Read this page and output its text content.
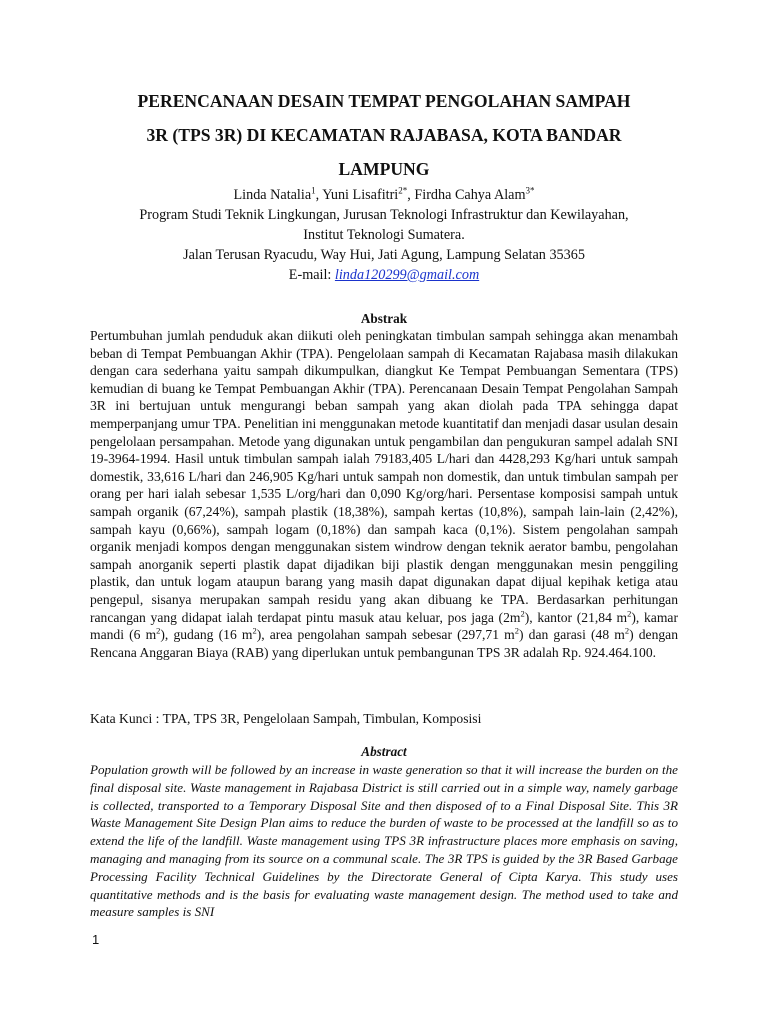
PERENCANAAN DESAIN TEMPAT PENGOLAHAN SAMPAH
3R (TPS 3R) DI KECAMATAN RAJABASA, KOTA BANDAR
LAMPUNG
Linda Natalia$^1$, Yuni Lisafitri$^{2*}$, Firdha Cahya Alam$^{3*}$
Program Studi Teknik Lingkungan, Jurusan Teknologi Infrastruktur dan Kewilayahan,
Institut Teknologi Sumatera.
Jalan Terusan Ryacudu, Way Hui, Jati Agung, Lampung Selatan 35365
E-mail: linda120299@gmail.com
Abstrak

Pertumbuhan jumlah penduduk akan diikuti oleh peningkatan timbulan sampah sehingga akan menambah beban di Tempat Pembuangan Akhir (TPA). Pengelolaan sampah di Kecamatan Rajabasa masih dilakukan dengan cara sederhana yaitu sampah dikumpulkan, diangkut Ke Tempat Pembuangan Sementara (TPS) kemudian di buang ke Tempat Pembuangan Akhir (TPA). Perencanaan Desain Tempat Pengolahan Sampah 3R ini bertujuan untuk mengurangi beban sampah yang akan diolah pada TPA sehingga dapat memperpanjang umur TPA. Penelitian ini menggunakan metode kuantitatif dan menjadi dasar usulan desain pengelolaan persampahan. Metode yang digunakan untuk pengambilan dan pengukuran sampel adalah SNI 19-3964-1994. Hasil untuk timbulan sampah ialah 79183,405 L/hari dan 4428,293 Kg/hari untuk sampah domestik, 33,616 L/hari dan 246,905 Kg/hari untuk sampah non domestik, dan untuk timbulan sampah per orang per hari ialah sebesar 1,535 L/org/hari dan 0,090 Kg/org/hari. Persentase komposisi sampah untuk sampah organik (67,24%), sampah plastik (18,38%), sampah kertas (10,8%), sampah lain-lain (2,42%), sampah kayu (0,66%), sampah logam (0,18%) dan sampah kaca (0,1%). Sistem pengolahan sampah organik menjadi kompos dengan menggunakan sistem windrow dengan teknik aerator bambu, pengolahan sampah anorganik seperti plastik dapat dijadikan biji plastik dengan menggunakan mesin penggiling plastik, dan untuk logam ataupun barang yang masih dapat digunakan dapat dijual kepihak ketiga atau pengepul, sisanya merupakan sampah residu yang akan dibuang ke TPA. Berdasarkan perhitungan rancangan yang didapat ialah terdapat pintu masuk atau keluar, pos jaga $(2m^2)$, kantor (21,84 $m^2$), kamar mandi (6 $m^2$), gudang (16 $m^2$), area pengolahan sampah sebesar (297,71 $m^2$) dan garasi (48 $m^2$) dengan Rencana Anggaran Biaya (RAB) yang diperlukan untuk pembangunan TPS 3R adalah Rp. 924.464.100.

Kata Kunci : TPA, TPS 3R, Pengelolaan Sampah, Timbulan, Komposisi

Abstract

Population growth will be followed by an increase in waste generation so that it will increase the burden on the final disposal site. Waste management in Rajabasa District is still carried out in a simple way, namely garbage is collected, transported to a Temporary Disposal Site and then disposed of to a Final Disposal Site. This 3R Waste Management Site Design Plan aims to reduce the burden of waste to be processed at the landfill so as to extend the life of the landfill. Waste management using TPS 3R infrastructure places more emphasis on saving, managing and managing from its source on a communal scale. The 3R TPS is guided by the 3R Based Garbage Processing Facility Technical Guidelines by the Directorate General of Cipta Karya. This study uses quantitative methods and is the basis for evaluating waste management design. The method used to take and measure samples is SNI

1
